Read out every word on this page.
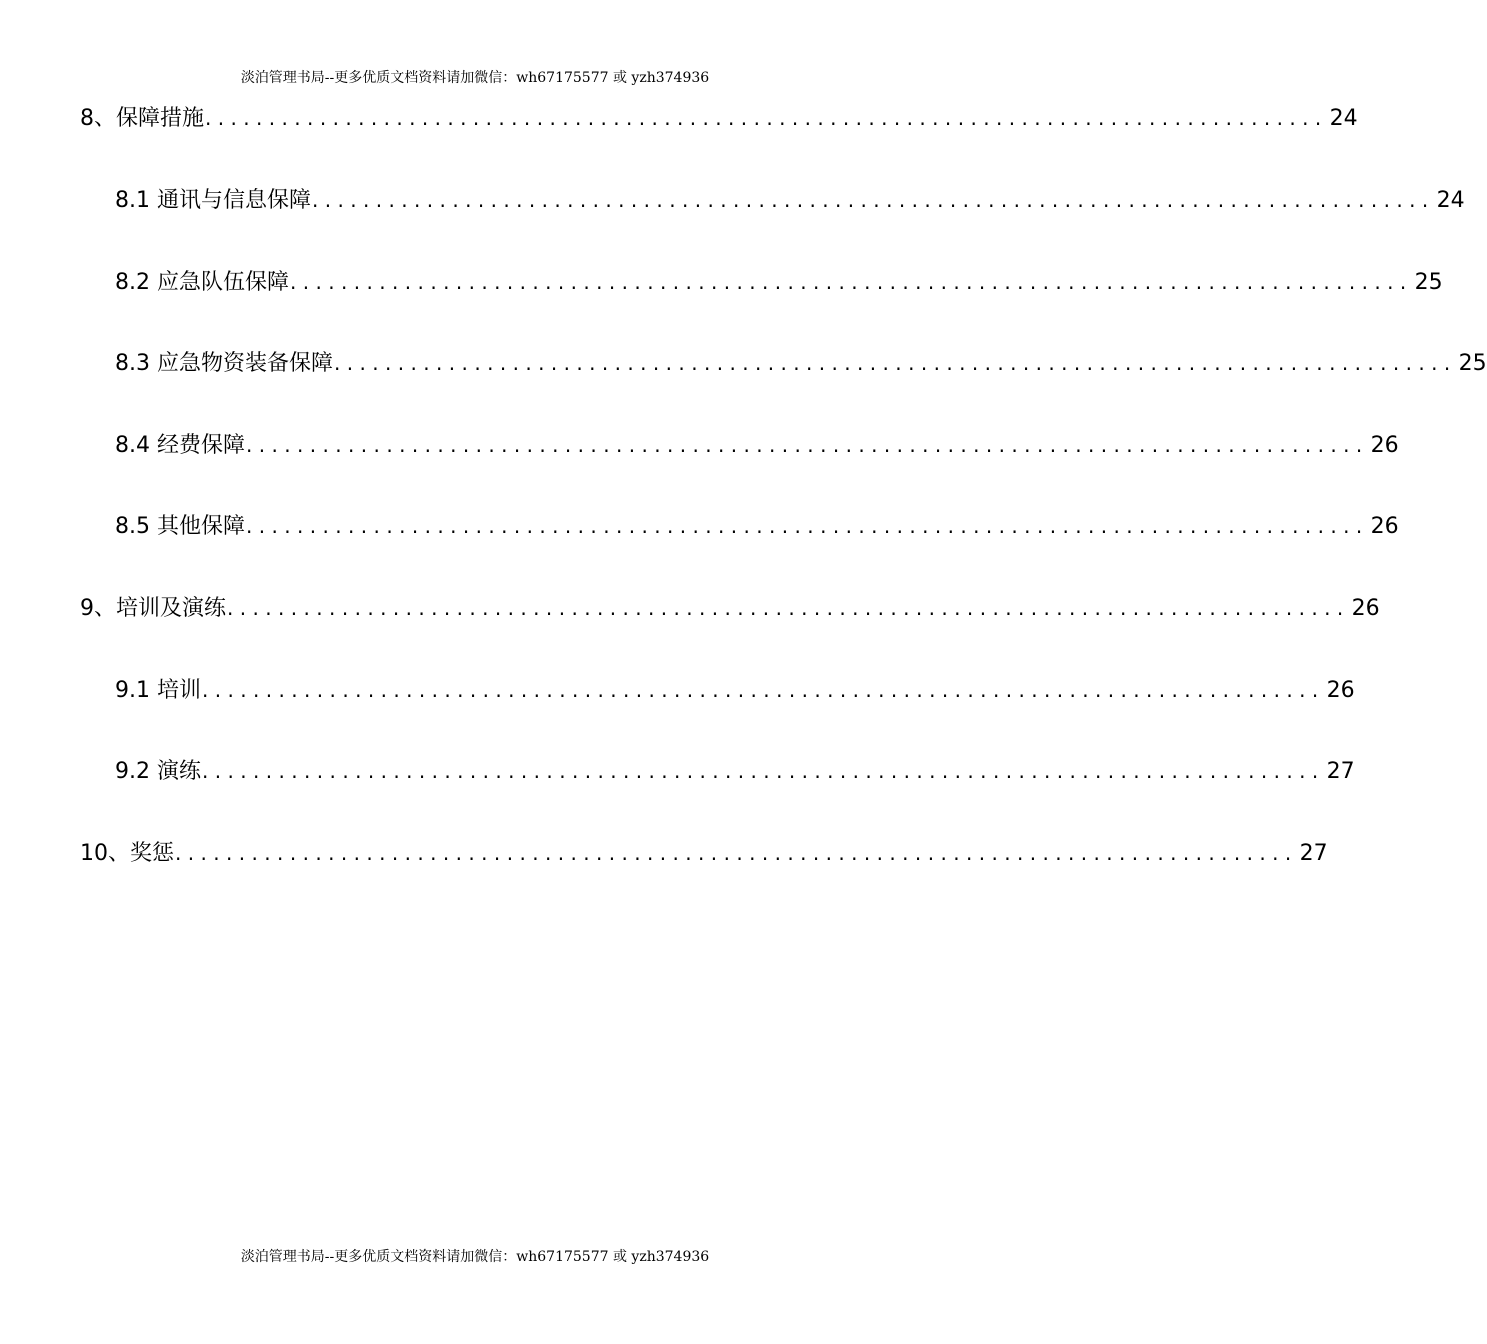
淡泊管理书局--更多优质文档资料请加微信：wh67175577 或 yzh374936
8、保障措施 ........................................................................................ 24
8.1 通讯与信息保障 ........................................................................................ 24
8.2 应急队伍保障 ........................................................................................ 25
8.3 应急物资装备保障 ........................................................................................ 25
8.4 经费保障 ........................................................................................ 26
8.5 其他保障 ........................................................................................ 26
9、培训及演练 ........................................................................................ 26
9.1 培训 ........................................................................................ 26
9.2 演练 ........................................................................................ 27
10、奖惩 ........................................................................................ 27
淡泊管理书局--更多优质文档资料请加微信：wh67175577 或 yzh374936
